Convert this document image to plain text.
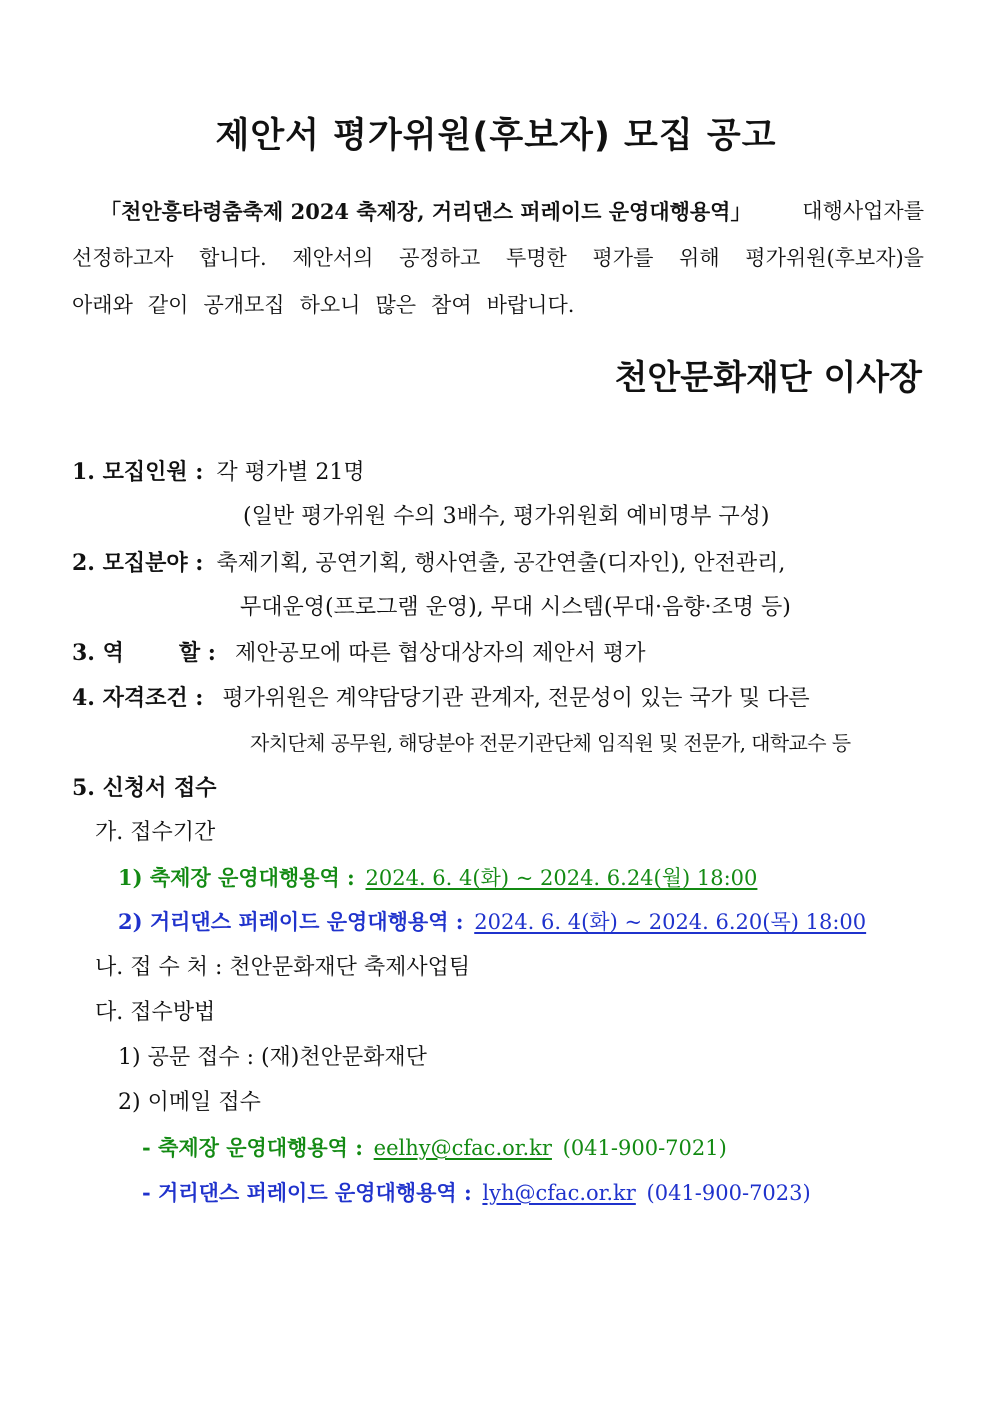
제안서 평가위원(후보자) 모집 공고
「천안흥타령춤축제 2024 축제장, 거리댄스 퍼레이드 운영대행용역」 대행사업자를
선정하고자 합니다. 제안서의 공정하고 투명한 평가를 위해 평가위원(후보자)을
아래와 같이 공개모집 하오니 많은 참여 바랍니다.
천안문화재단 이사장
1. 모집인원 : 각 평가별 21명
(일반 평가위원 수의 3배수, 평가위원회 예비명부 구성)
2. 모집분야 : 축제기획, 공연기획, 행사연출, 공간연출(디자인), 안전관리,
무대운영(프로그램 운영), 무대 시스템(무대·음향·조명 등)
3. 역	할 : 제안공모에 따른 협상대상자의 제안서 평가
4. 자격조건 : 평가위원은 계약담당기관 관계자, 전문성이 있는 국가 및 다른
자치단체 공무원, 해당분야 전문기관단체 임직원 및 전문가, 대학교수 등
5. 신청서 접수
가. 접수기간
1) 축제장 운영대행용역 : 2024. 6. 4(화) ~ 2024. 6.24(월) 18:00
2) 거리댄스 퍼레이드 운영대행용역 : 2024. 6. 4(화) ~ 2024. 6.20(목) 18:00
나. 접 수 처 : 천안문화재단 축제사업팀
다. 접수방법
1) 공문 접수 : (재)천안문화재단
2) 이메일 접수
- 축제장 운영대행용역 : eelhy@cfac.or.kr (041-900-7021)
- 거리댄스 퍼레이드 운영대행용역 : lyh@cfac.or.kr (041-900-7023)
